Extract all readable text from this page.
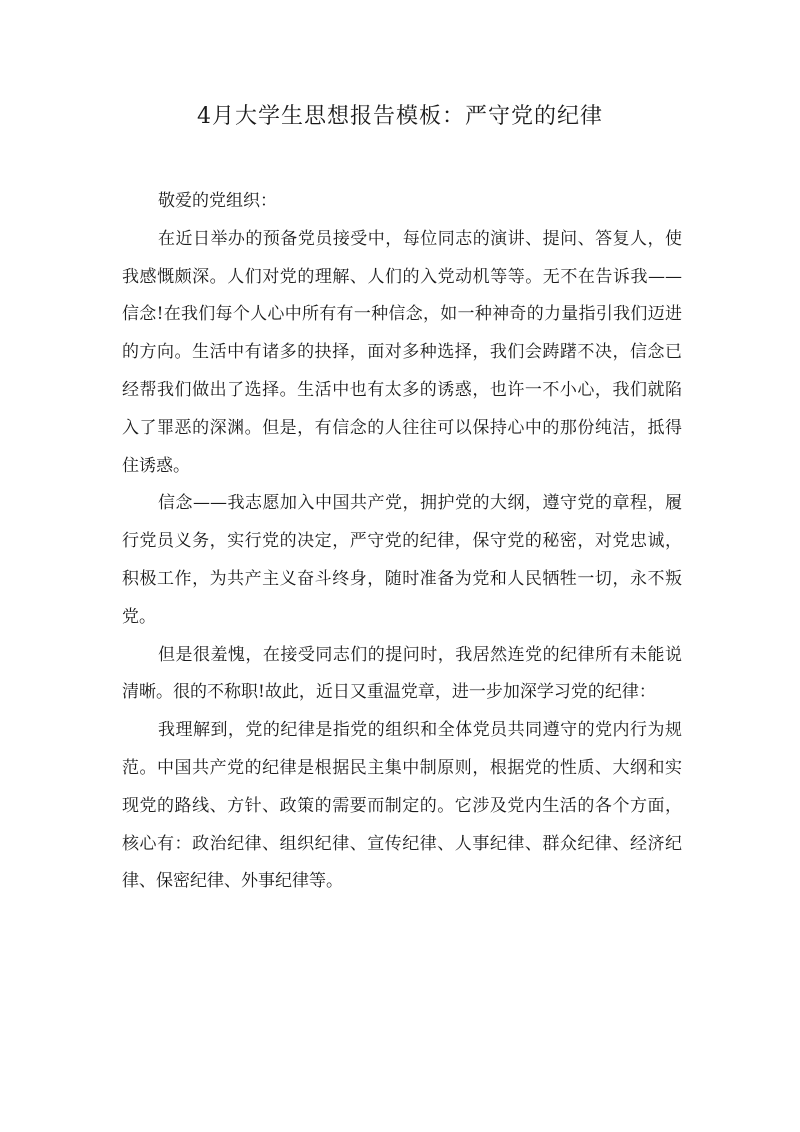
4月大学生思想报告模板：严守党的纪律

敬爱的党组织：

在近日举办的预备党员接受中，每位同志的演讲、提问、答复人，使我感慨颇深。人们对党的理解、人们的入党动机等等。无不在告诉我——信念!在我们每个人心中所有有一种信念，如一种神奇的力量指引我们迈进的方向。生活中有诸多的抉择，面对多种选择，我们会踌躇不决，信念已经帮我们做出了选择。生活中也有太多的诱惑，也许一不小心，我们就陷入了罪恶的深渊。但是，有信念的人往往可以保持心中的那份纯洁，抵得住诱惑。

信念——我志愿加入中国共产党，拥护党的大纲，遵守党的章程，履行党员义务，实行党的决定，严守党的纪律，保守党的秘密，对党忠诚，积极工作，为共产主义奋斗终身，随时准备为党和人民牺牲一切，永不叛党。

但是很羞愧，在接受同志们的提问时，我居然连党的纪律所有未能说清晰。很的不称职!故此，近日又重温党章，进一步加深学习党的纪律：

我理解到，党的纪律是指党的组织和全体党员共同遵守的党内行为规范。中国共产党的纪律是根据民主集中制原则，根据党的性质、大纲和实现党的路线、方针、政策的需要而制定的。它涉及党内生活的各个方面，核心有：政治纪律、组织纪律、宣传纪律、人事纪律、群众纪律、经济纪律、保密纪律、外事纪律等。
